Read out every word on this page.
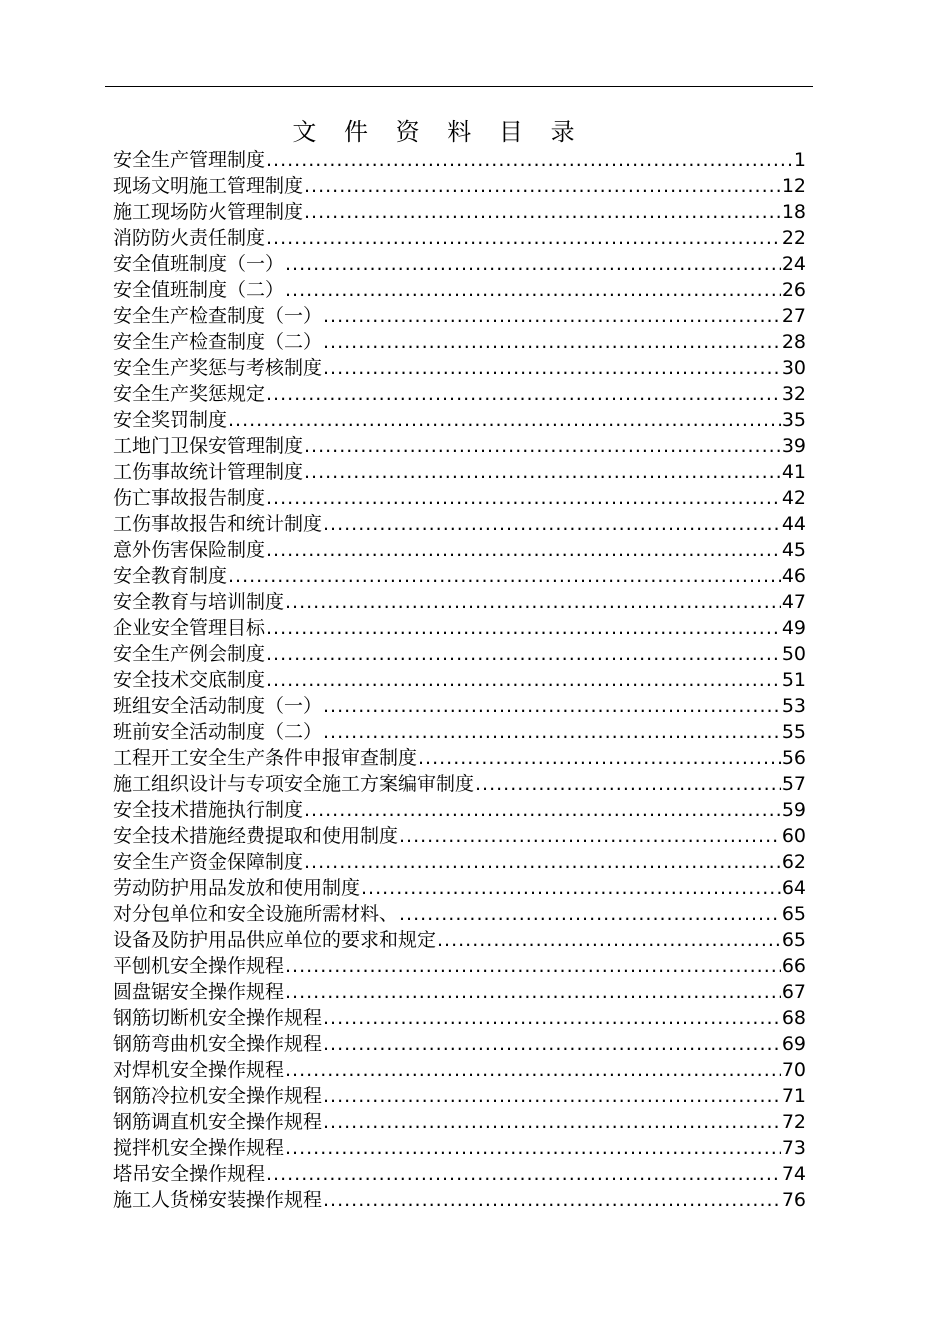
文 件 资 料 目 录
安全生产管理制度 .....	1
现场文明施工管理制度 .....	12
施工现场防火管理制度 .....	18
消防防火责任制度 .....	22
安全值班制度（一） .....	24
安全值班制度（二） .....	26
安全生产检查制度（一） .....	27
安全生产检查制度（二） .....	28
安全生产奖惩与考核制度 .....	30
安全生产奖惩规定 .....	32
安全奖罚制度 .....	35
工地门卫保安管理制度 .....	39
工伤事故统计管理制度 .....	41
伤亡事故报告制度 .....	42
工伤事故报告和统计制度 .....	44
意外伤害保险制度 .....	45
安全教育制度 .....	46
安全教育与培训制度 .....	47
企业安全管理目标 .....	49
安全生产例会制度 .....	50
安全技术交底制度 .....	51
班组安全活动制度（一） .....	53
班前安全活动制度（二） .....	55
工程开工安全生产条件申报审查制度 .....	56
施工组织设计与专项安全施工方案编审制度 .....	57
安全技术措施执行制度 .....	59
安全技术措施经费提取和使用制度 .....	60
安全生产资金保障制度 .....	62
劳动防护用品发放和使用制度 .....	64
对分包单位和安全设施所需材料、 .....	65
设备及防护用品供应单位的要求和规定 .....	65
平刨机安全操作规程 .....	66
圆盘锯安全操作规程 .....	67
钢筋切断机安全操作规程 .....	68
钢筋弯曲机安全操作规程 .....	69
对焊机安全操作规程 .....	70
钢筋冷拉机安全操作规程 .....	71
钢筋调直机安全操作规程 .....	72
搅拌机安全操作规程 .....	73
塔吊安全操作规程 .....	74
施工人货梯安装操作规程 .....	76
